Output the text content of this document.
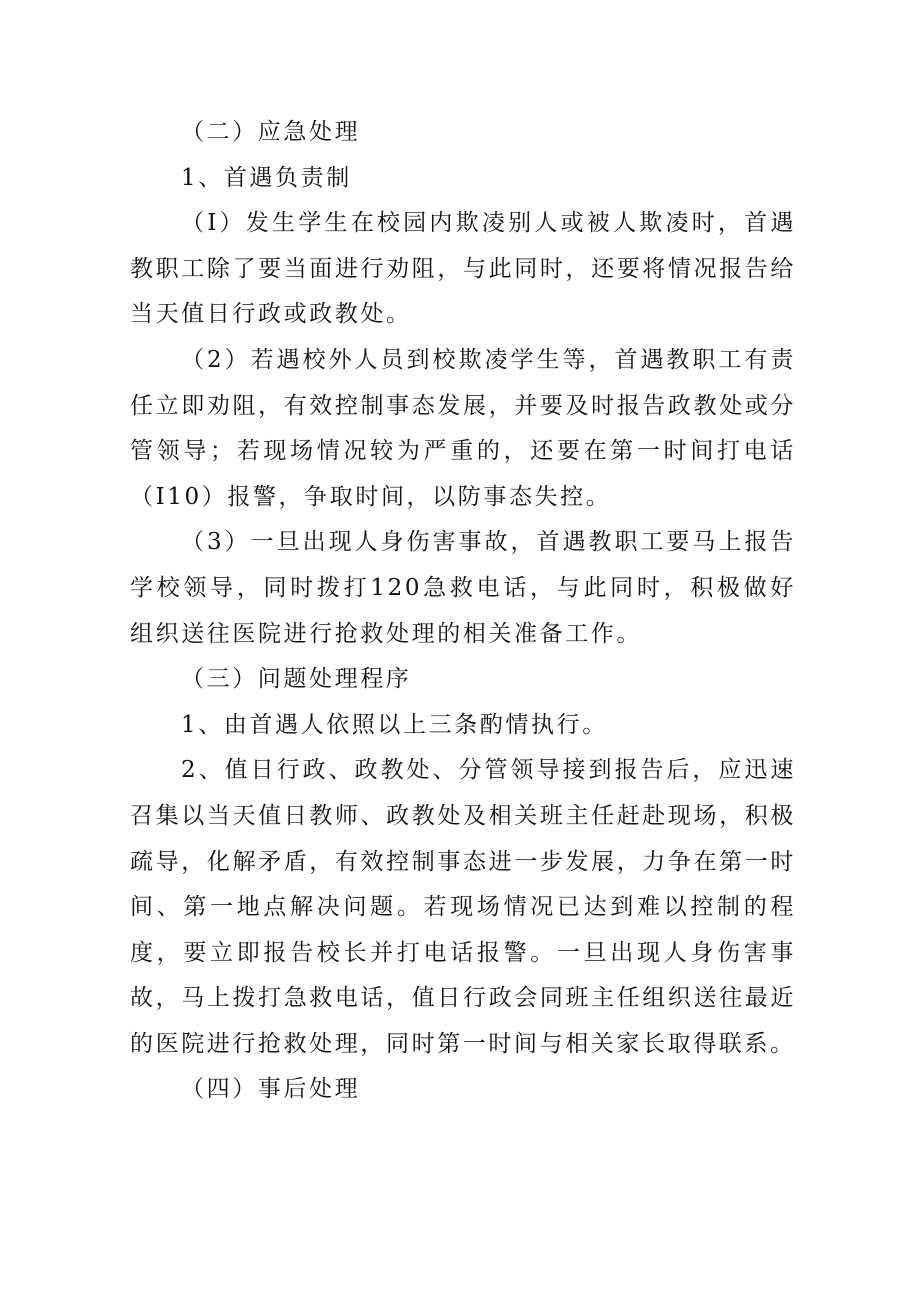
（二）应急处理

1、首遇负责制

（I）发生学生在校园内欺凌别人或被人欺凌时，首遇教职工除了要当面进行劝阻，与此同时，还要将情况报告给当天值日行政或政教处。

（2）若遇校外人员到校欺凌学生等，首遇教职工有责任立即劝阻，有效控制事态发展，并要及时报告政教处或分管领导；若现场情况较为严重的，还要在第一时间打电话（I10）报警，争取时间，以防事态失控。

（3）一旦出现人身伤害事故，首遇教职工要马上报告学校领导，同时拨打120急救电话，与此同时，积极做好组织送往医院进行抢救处理的相关准备工作。

（三）问题处理程序

1、由首遇人依照以上三条酌情执行。

2、值日行政、政教处、分管领导接到报告后，应迅速召集以当天值日教师、政教处及相关班主任赶赴现场，积极疏导，化解矛盾，有效控制事态进一步发展，力争在第一时间、第一地点解决问题。若现场情况已达到难以控制的程度，要立即报告校长并打电话报警。一旦出现人身伤害事故，马上拨打急救电话，值日行政会同班主任组织送往最近的医院进行抢救处理，同时第一时间与相关家长取得联系。

（四）事后处理
